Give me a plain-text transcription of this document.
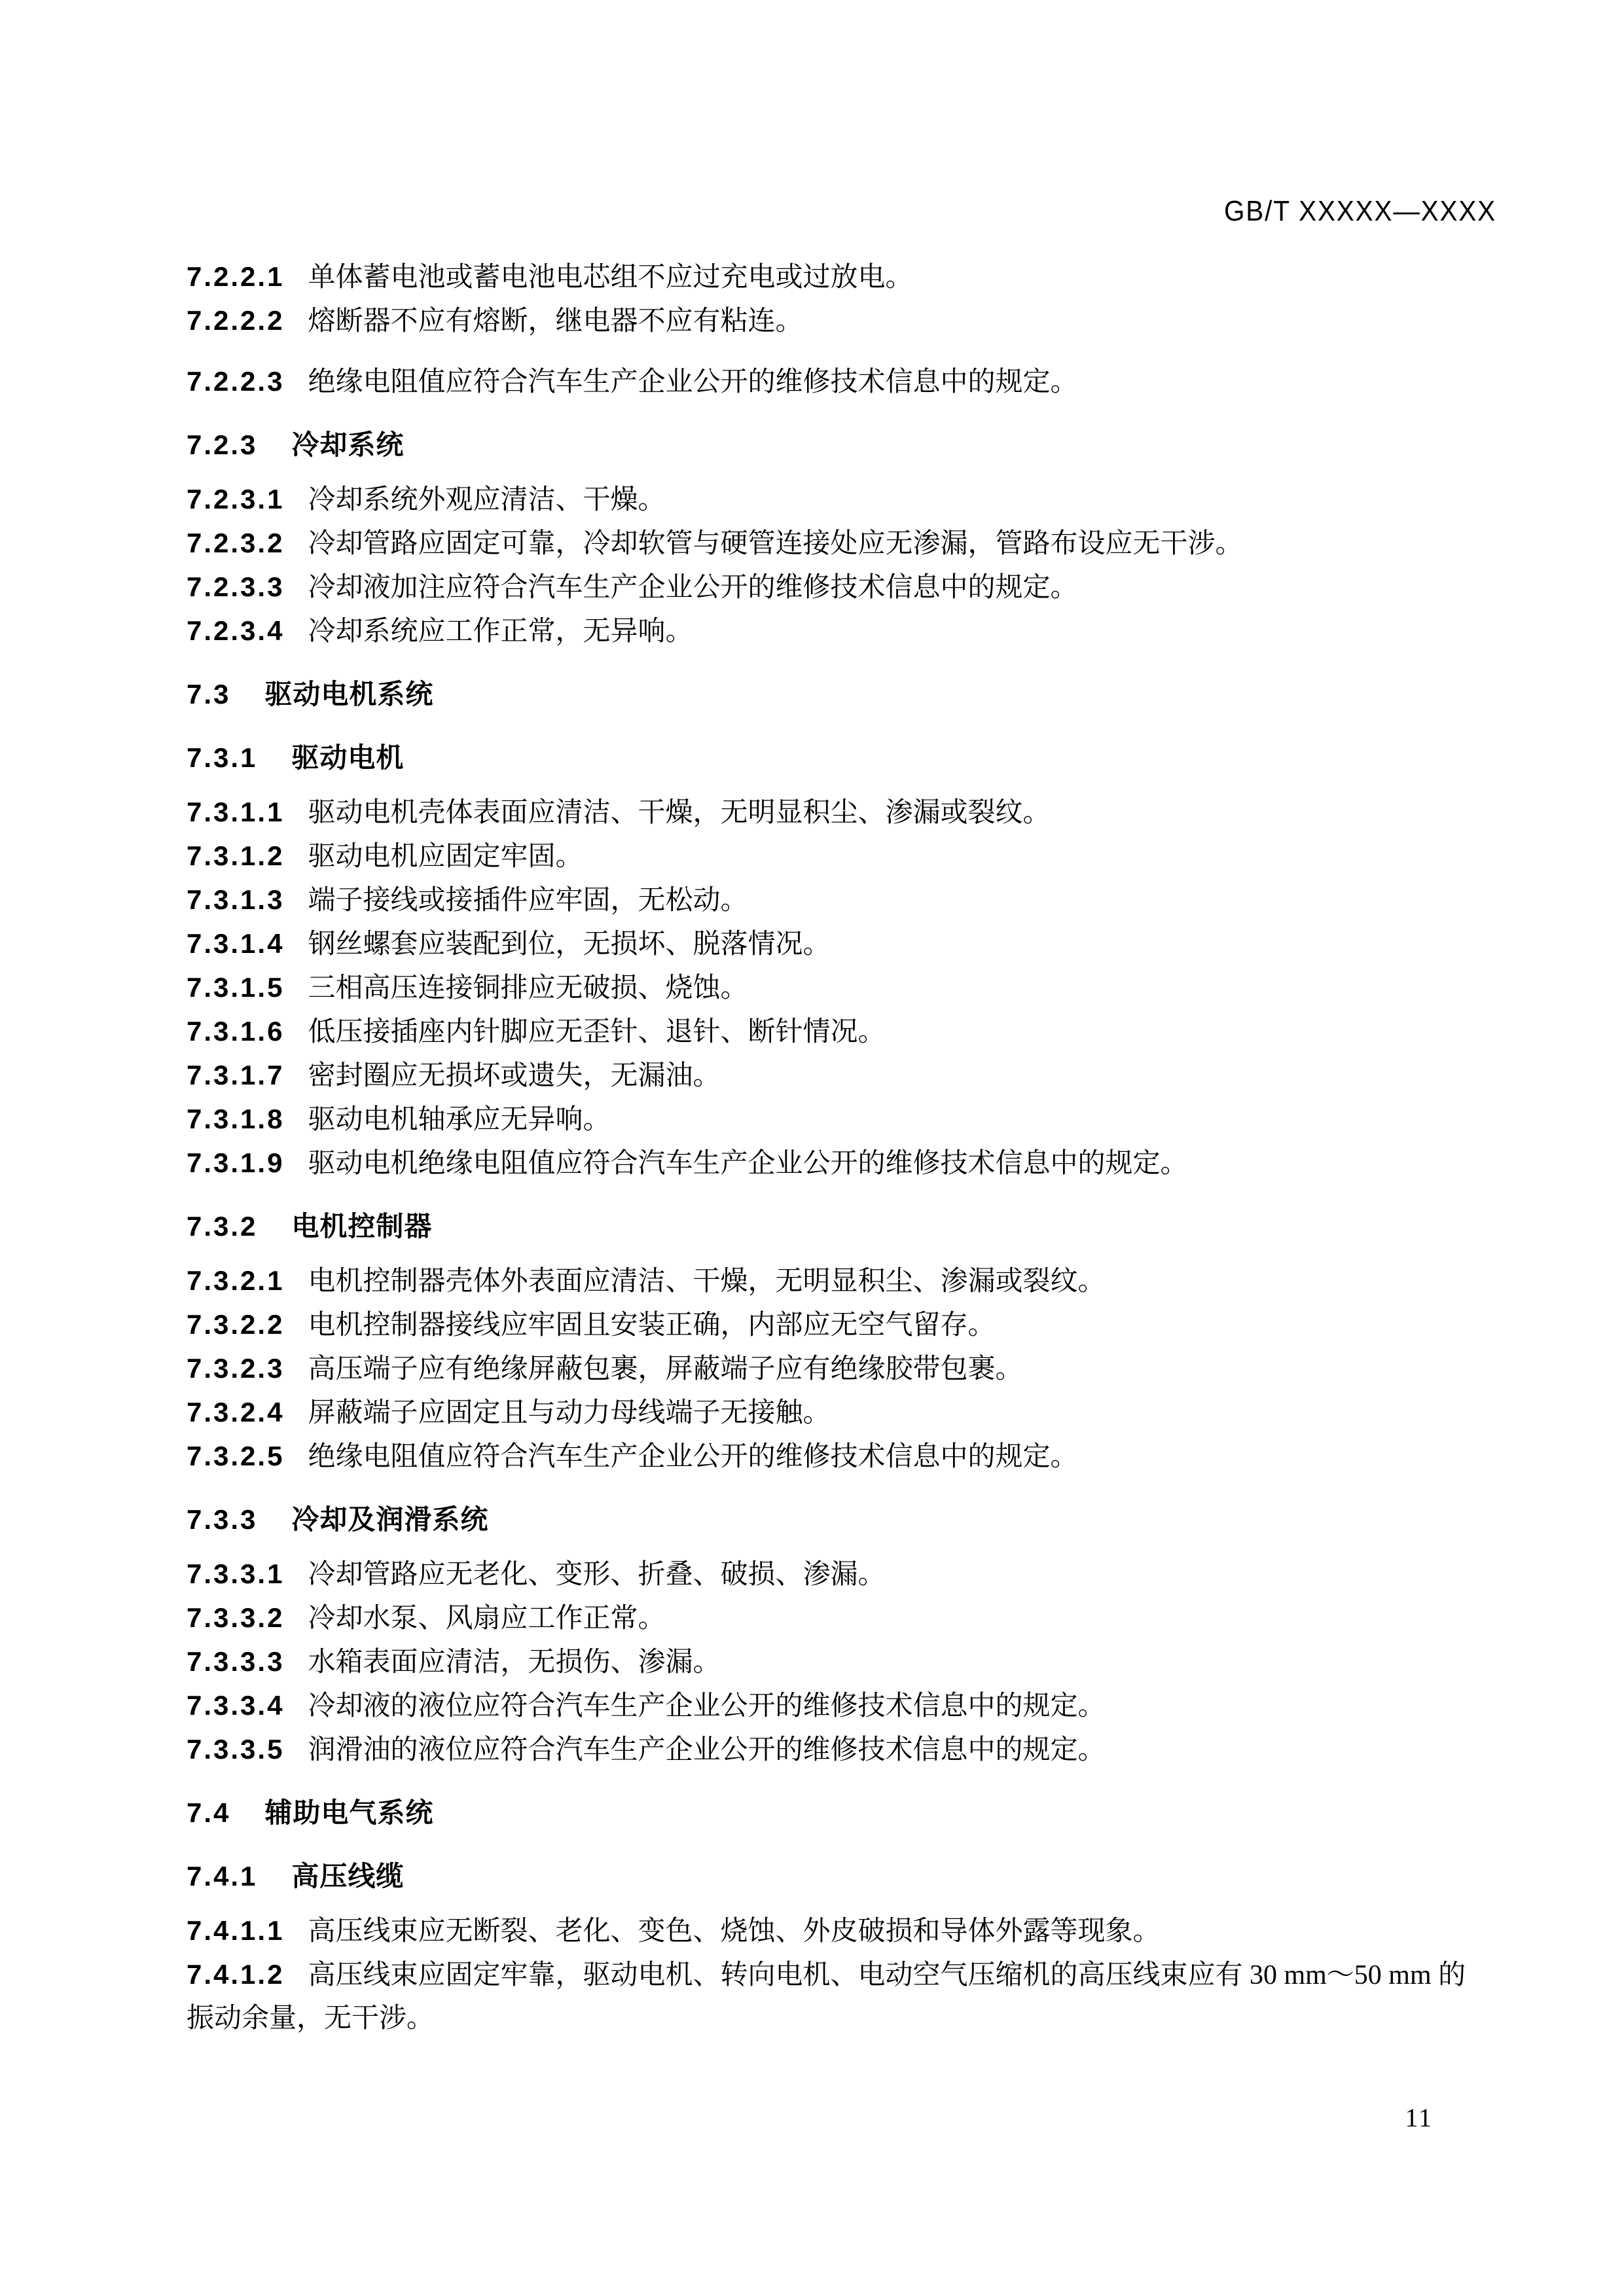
GB/T XXXXX—XXXX
7.2.2.1 单体蓄电池或蓄电池电芯组不应过充电或过放电。
7.2.2.2 熔断器不应有熔断，继电器不应有粘连。
7.2.2.3 绝缘电阻值应符合汽车生产企业公开的维修技术信息中的规定。
7.2.3 冷却系统
7.2.3.1 冷却系统外观应清洁、干燥。
7.2.3.2 冷却管路应固定可靠，冷却软管与硬管连接处应无渗漏，管路布设应无干涉。
7.2.3.3 冷却液加注应符合汽车生产企业公开的维修技术信息中的规定。
7.2.3.4 冷却系统应工作正常，无异响。
7.3 驱动电机系统
7.3.1 驱动电机
7.3.1.1 驱动电机壳体表面应清洁、干燥，无明显积尘、渗漏或裂纹。
7.3.1.2 驱动电机应固定牢固。
7.3.1.3 端子接线或接插件应牢固，无松动。
7.3.1.4 钢丝螺套应装配到位，无损坏、脱落情况。
7.3.1.5 三相高压连接铜排应无破损、烧蚀。
7.3.1.6 低压接插座内针脚应无歪针、退针、断针情况。
7.3.1.7 密封圈应无损坏或遗失，无漏油。
7.3.1.8 驱动电机轴承应无异响。
7.3.1.9 驱动电机绝缘电阻值应符合汽车生产企业公开的维修技术信息中的规定。
7.3.2 电机控制器
7.3.2.1 电机控制器壳体外表面应清洁、干燥，无明显积尘、渗漏或裂纹。
7.3.2.2 电机控制器接线应牢固且安装正确，内部应无空气留存。
7.3.2.3 高压端子应有绝缘屏蔽包裹，屏蔽端子应有绝缘胶带包裹。
7.3.2.4 屏蔽端子应固定且与动力母线端子无接触。
7.3.2.5 绝缘电阻值应符合汽车生产企业公开的维修技术信息中的规定。
7.3.3 冷却及润滑系统
7.3.3.1 冷却管路应无老化、变形、折叠、破损、渗漏。
7.3.3.2 冷却水泵、风扇应工作正常。
7.3.3.3 水箱表面应清洁，无损伤、渗漏。
7.3.3.4 冷却液的液位应符合汽车生产企业公开的维修技术信息中的规定。
7.3.3.5 润滑油的液位应符合汽车生产企业公开的维修技术信息中的规定。
7.4 辅助电气系统
7.4.1 高压线缆
7.4.1.1 高压线束应无断裂、老化、变色、烧蚀、外皮破损和导体外露等现象。
7.4.1.2 高压线束应固定牢靠，驱动电机、转向电机、电动空气压缩机的高压线束应有 30 mm～50 mm 的振动余量，无干涉。
11
